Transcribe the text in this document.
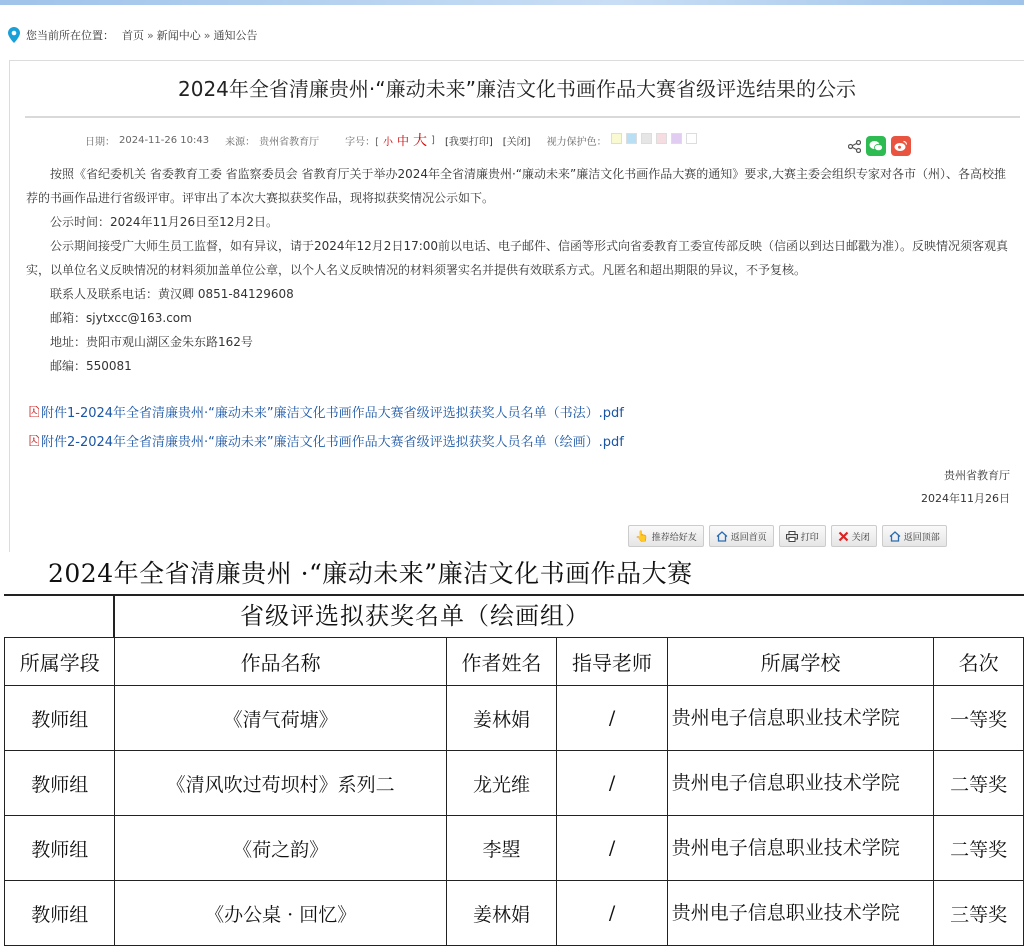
您当前所在位置： 首页 » 新闻中心 » 通知公告
2024年全省清廉贵州·“廉动未来”廉洁文化书画作品大赛省级评选结果的公示
日期： 2024-11-26 10:43 来源： 贵州省教育厅	字号：[ 小 中 大 ] [我要打印] [关闭] 视力保护色：

按照《省纪委机关 省委教育工委 省监察委员会 省教育厅关于举办2024年全省清廉贵州·“廉动未来”廉洁文化书画作品大赛的通知》要求,大赛主委会组织专家对各市（州）、各高校推荐的书画作品进行省级评审。评审出了本次大赛拟获奖作品，现将拟获奖情况公示如下。

公示时间：2024年11月26日至12月2日。

公示期间接受广大师生员工监督，如有异议，请于2024年12月2日17:00前以电话、电子邮件、信函等形式向省委教育工委宣传部反映（信函以到达日邮戳为准）。反映情况须客观真实，以单位名义反映情况的材料须加盖单位公章，以个人名义反映情况的材料须署实名并提供有效联系方式。凡匿名和超出期限的异议，不予复核。

联系人及联系电话：黄汉卿 0851-84129608

邮箱：sjytxcc@163.com

地址：贵阳市观山湖区金朱东路162号

邮编：550081

附件1-2024年全省清廉贵州·“廉动未来”廉洁文化书画作品大赛省级评选拟获奖人员名单（书法）.pdf
附件2-2024年全省清廉贵州·“廉动未来”廉洁文化书画作品大赛省级评选拟获奖人员名单（绘画）.pdf
贵州省教育厅
2024年11月26日
👆 推荐给好友	返回首页	打印	关闭	返回顶部
2024年全省清廉贵州 ·“廉动未来”廉洁文化书画作品大赛
省级评选拟获奖名单（绘画组）
所属学段	作品名称	作者姓名	指导老师	所属学校	名次
教师组	《清气荷塘》	姜林娟	/	贵州电子信息职业技术学院	一等奖
教师组	《清风吹过苟坝村》系列二	龙光维	/	贵州电子信息职业技术学院	二等奖
教师组	《荷之韵》	李曌	/	贵州电子信息职业技术学院	二等奖
教师组	《办公桌 · 回忆》	姜林娟	/	贵州电子信息职业技术学院	三等奖
